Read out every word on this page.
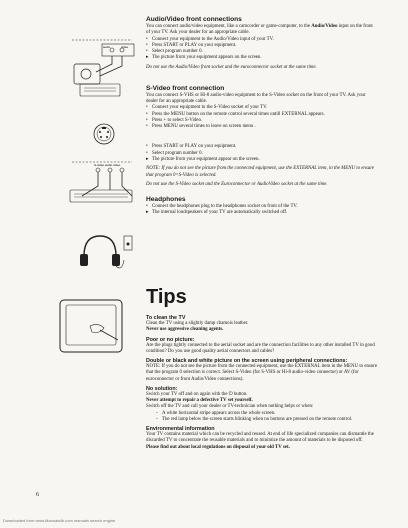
audio	video
S-video audio video
Audio/Video front connections

You can connect audio/video equipment, like a camcorder or game-computer, to the Audio/Video input on the front of your TV. Ask your dealer for an appropriate cable.

• Connect your equipment to the Audio/Video input of your TV.
• Press START or PLAY on your equipment.
• Select program number 0.
▸ The picture from your equipment appears on the screen.

Do not use the Audio/Video front socket and the euroconnector socket at the same time.

S-Video front connection

You can connect S-VHS or Hi-8 audio-video equipment to the S-Video socket on the front of your TV. Ask your dealer for an appropriate cable.

• Connect your equipment to the S-Video socket of your TV.
• Press the MENU button on the remote control several times untill EXTERNAL appears.
• Press + to select S-Video.
• Press MENU several times to leave on screen menu .
• Press START or PLAY on your equipment.
• Select program number 0.
▸ The picture from your equipment appear on the screen.

NOTE: If you do not see the picture from the connected equipment, use the EXTERNAL item, in the MENU to ensure that program 0=S-Video is selected.

Do not use the S-Video socket and the Euroconnector or AudioVideo socket at the same time.

Headphones
• Connect the headphones plug to the headphones socket on front of the TV.
▸ The internal loudspeakers of your TV are automatically switched off.
Tips
To clean the TV

Clean the TV using a slightly damp chamois leather.

Never use aggressive cleaning agents.

Poor or no picture:

Are the plugs tightly connected to the aerial socket and are the connection facilities to any other installed TV in good condition? Do you use good quality aerial connectors and cables?

Double or black and white picture on the screen using peripheral connections:

NOTE: If you do not see the picture from the connected equipment, use the EXTERNAL item in the MENU to ensure that the program 0 selection is correct. Select S-Video (for S-VHS or Hi-8 audio-video connector) or AV (for euroconnector or front Audio/Video connections).

No solution:

Switch your TV off and on again with the ⏻ button.

Never attempt to repair a defective TV set yourself.

Switch off the TV and call your dealer or TV-technician when nothing helps or when:

- A white horizontal stripe appears across the whole screen.
- The red lamp below the screen starts blinking when no buttons are pressed on the remote control.
Environmental information

Your TV contains material which can be recycled and reused. At end of life specialized companies can dismantle the discarded TV to concentrate the reusable materials and to minimize the amount of materials to be disposed off.

Please find out about local regulations on disposal of your old TV set.

6
Downloaded from www.Manualslib.com manuals search engine
